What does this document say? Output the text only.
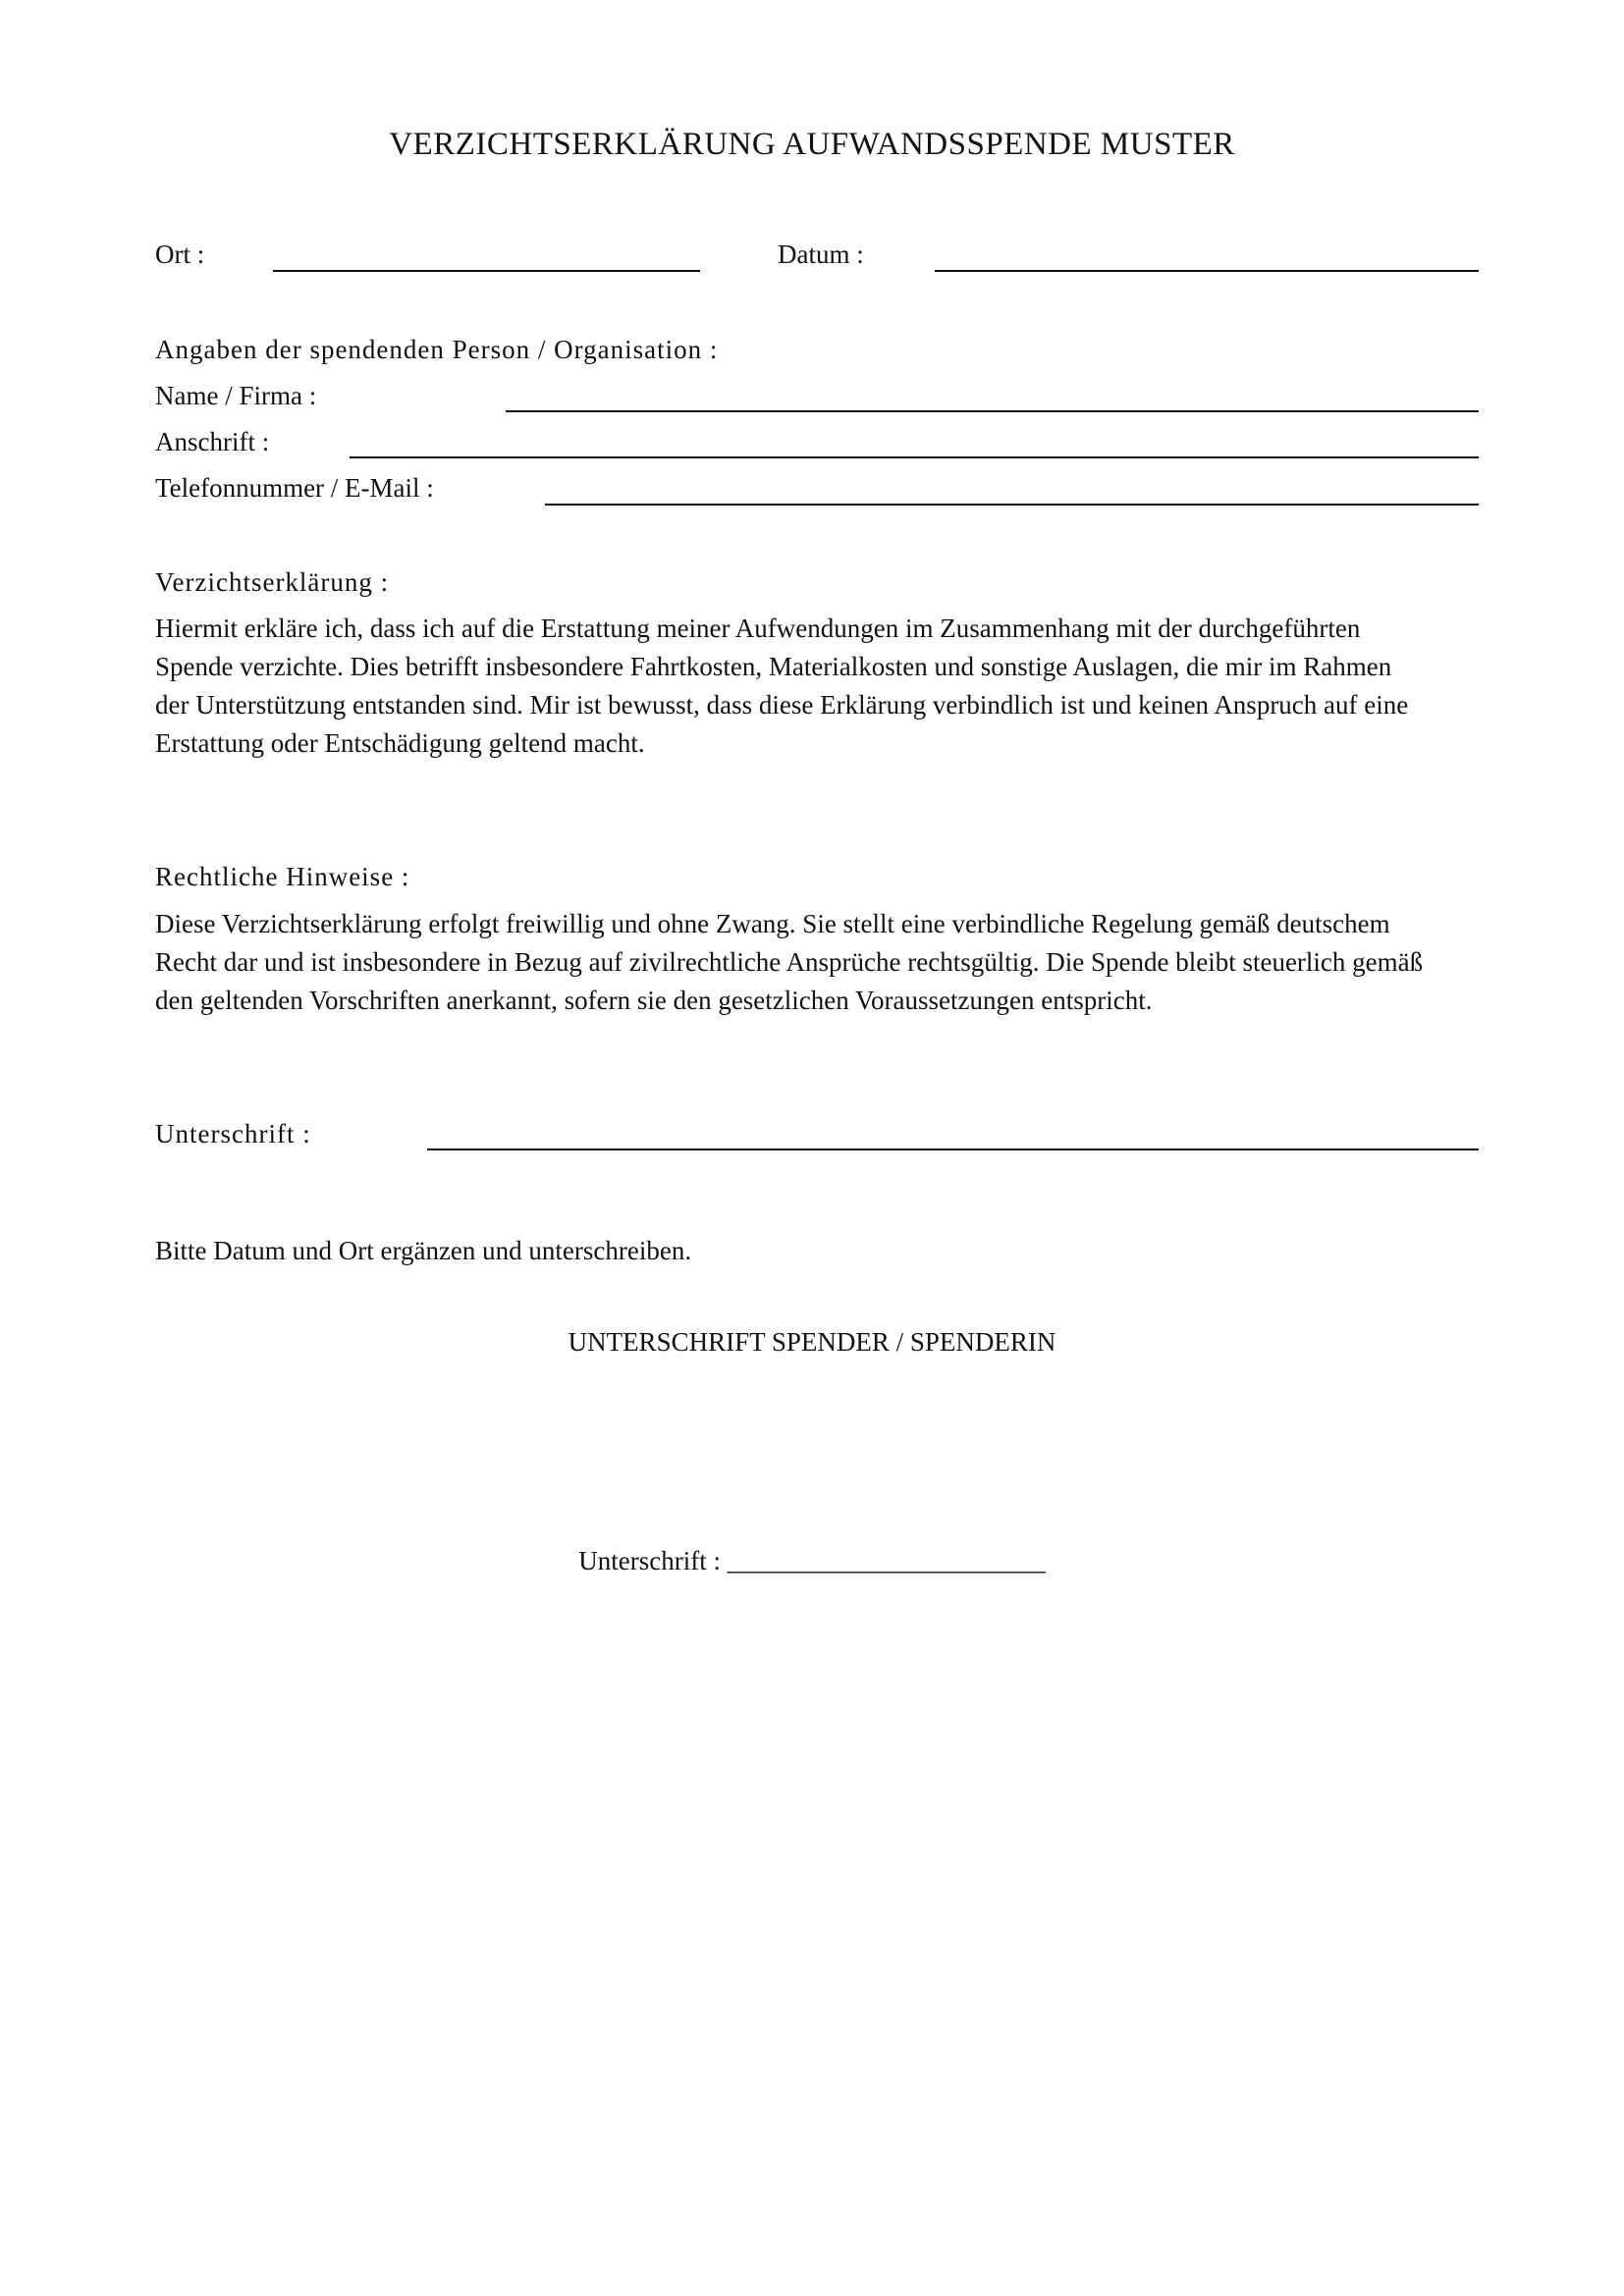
VERZICHTSERKLÄRUNG AUFWANDSSPENDE MUSTER
Ort :	Datum :
Angaben der spendenden Person / Organisation :
Name / Firma :
Anschrift :
Telefonnummer / E-Mail :
Verzichtserklärung :
Hiermit erkläre ich, dass ich auf die Erstattung meiner Aufwendungen im Zusammenhang mit der durchgeführten
Spende verzichte. Dies betrifft insbesondere Fahrtkosten, Materialkosten und sonstige Auslagen, die mir im Rahmen
der Unterstützung entstanden sind. Mir ist bewusst, dass diese Erklärung verbindlich ist und keinen Anspruch auf eine
Erstattung oder Entschädigung geltend macht.
Rechtliche Hinweise :
Diese Verzichtserklärung erfolgt freiwillig und ohne Zwang. Sie stellt eine verbindliche Regelung gemäß deutschem
Recht dar und ist insbesondere in Bezug auf zivilrechtliche Ansprüche rechtsgültig. Die Spende bleibt steuerlich gemäß
den geltenden Vorschriften anerkannt, sofern sie den gesetzlichen Voraussetzungen entspricht.
Unterschrift :
Bitte Datum und Ort ergänzen und unterschreiben.
UNTERSCHRIFT SPENDER / SPENDERIN
Unterschrift : ________________________
